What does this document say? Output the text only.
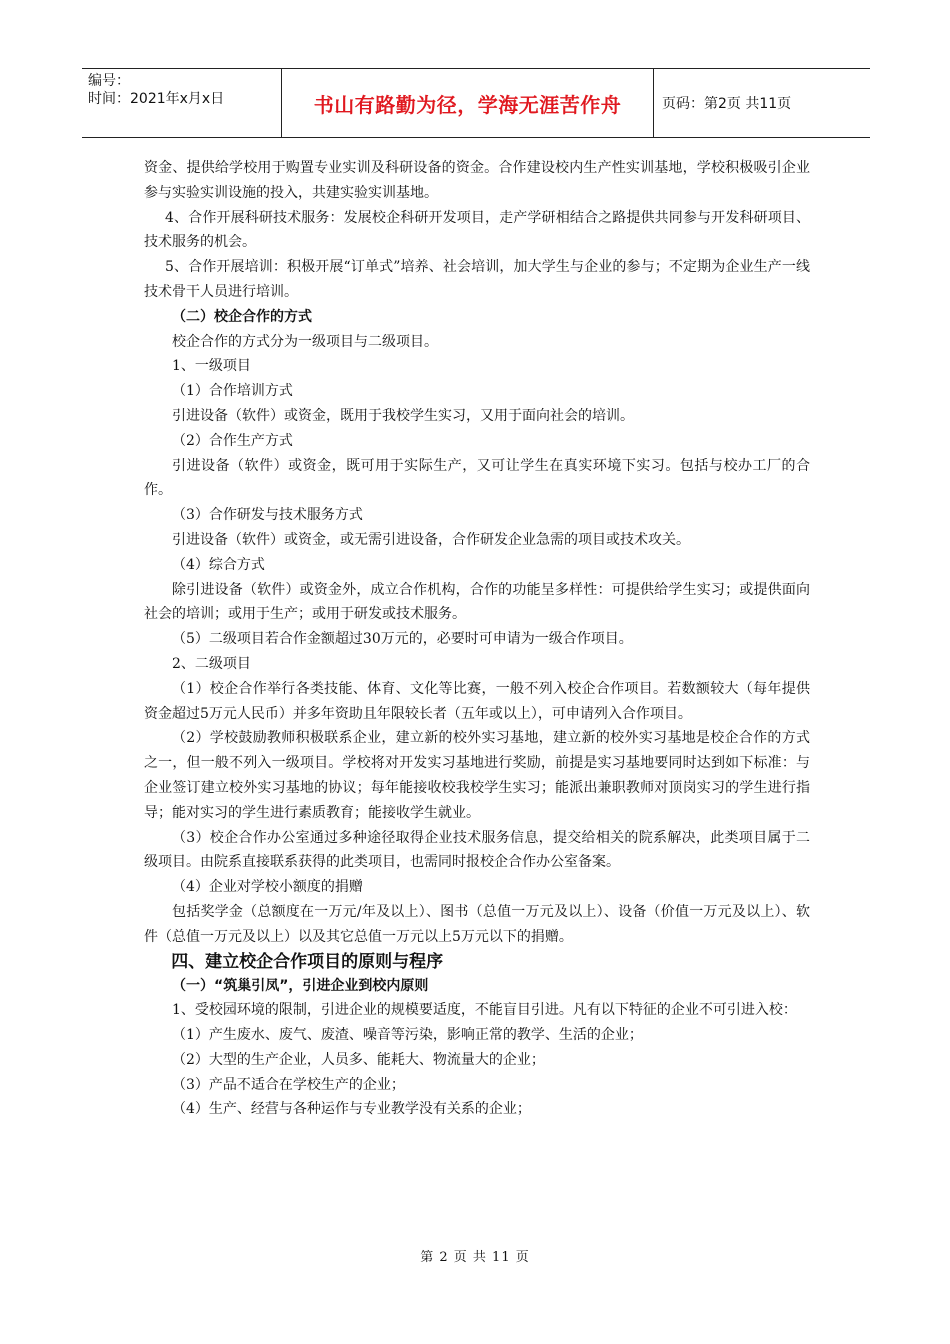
编号：
时间：2021年x月x日	书山有路勤为径，学海无涯苦作舟	页码：第2页 共11页

资金、提供给学校用于购置专业实训及科研设备的资金。合作建设校内生产性实训基地，学校积极吸引企业参与实验实训设施的投入，共建实验实训基地。

4、合作开展科研技术服务：发展校企科研开发项目，走产学研相结合之路提供共同参与开发科研项目、技术服务的机会。

5、合作开展培训：积极开展“订单式”培养、社会培训，加大学生与企业的参与；不定期为企业生产一线技术骨干人员进行培训。

（二）校企合作的方式

校企合作的方式分为一级项目与二级项目。

1、一级项目

（1）合作培训方式

引进设备（软件）或资金，既用于我校学生实习，又用于面向社会的培训。

（2）合作生产方式

引进设备（软件）或资金，既可用于实际生产，又可让学生在真实环境下实习。包括与校办工厂的合作。

（3）合作研发与技术服务方式

引进设备（软件）或资金，或无需引进设备，合作研发企业急需的项目或技术攻关。

（4）综合方式

除引进设备（软件）或资金外，成立合作机构，合作的功能呈多样性：可提供给学生实习；或提供面向社会的培训；或用于生产；或用于研发或技术服务。

（5）二级项目若合作金额超过30万元的，必要时可申请为一级合作项目。

2、二级项目

（1）校企合作举行各类技能、体育、文化等比赛，一般不列入校企合作项目。若数额较大（每年提供资金超过5万元人民币）并多年资助且年限较长者（五年或以上），可申请列入合作项目。

（2）学校鼓励教师积极联系企业，建立新的校外实习基地，建立新的校外实习基地是校企合作的方式之一，但一般不列入一级项目。学校将对开发实习基地进行奖励，前提是实习基地要同时达到如下标准：与企业签订建立校外实习基地的协议；每年能接收校我校学生实习；能派出兼职教师对顶岗实习的学生进行指导；能对实习的学生进行素质教育；能接收学生就业。

（3）校企合作办公室通过多种途径取得企业技术服务信息，提交给相关的院系解决，此类项目属于二级项目。由院系直接联系获得的此类项目，也需同时报校企合作办公室备案。

（4）企业对学校小额度的捐赠

包括奖学金（总额度在一万元/年及以上）、图书（总值一万元及以上）、设备（价值一万元及以上）、软件（总值一万元及以上）以及其它总值一万元以上5万元以下的捐赠。

四、建立校企合作项目的原则与程序

（一）“筑巢引凤”，引进企业到校内原则

1、受校园环境的限制，引进企业的规模要适度，不能盲目引进。凡有以下特征的企业不可引进入校：

（1）产生废水、废气、废渣、噪音等污染，影响正常的教学、生活的企业；

（2）大型的生产企业，人员多、能耗大、物流量大的企业；

（3）产品不适合在学校生产的企业；

（4）生产、经营与各种运作与专业教学没有关系的企业；

第 2 页 共 11 页
